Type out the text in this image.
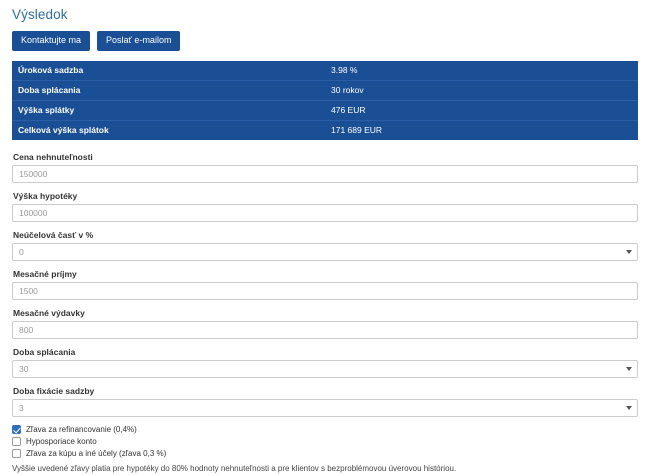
Výsledok
Kontaktujte ma	Poslať e-mailom
Úroková sadzba	3.98 %
Doba splácania	30 rokov
Výška splátky	476 EUR
Celková výška splátok	171 689 EUR
Cena nehnuteľnosti
150000
Výška hypotéky
100000
Neúčelová časť v %
0
Mesačné príjmy
1500
Mesačné výdavky
800
Doba splácania
30
Doba fixácie sadzby
3
Zľava za refinancovanie (0,4%)
Hyposporiace konto
Zľava za kúpu a iné účely (zľava 0,3 %)
Vyššie uvedené zľavy platia pre hypotéky do 80% hodnoty nehnuteľnosti a pre klientov s bezproblémovou úverovou históriou.
